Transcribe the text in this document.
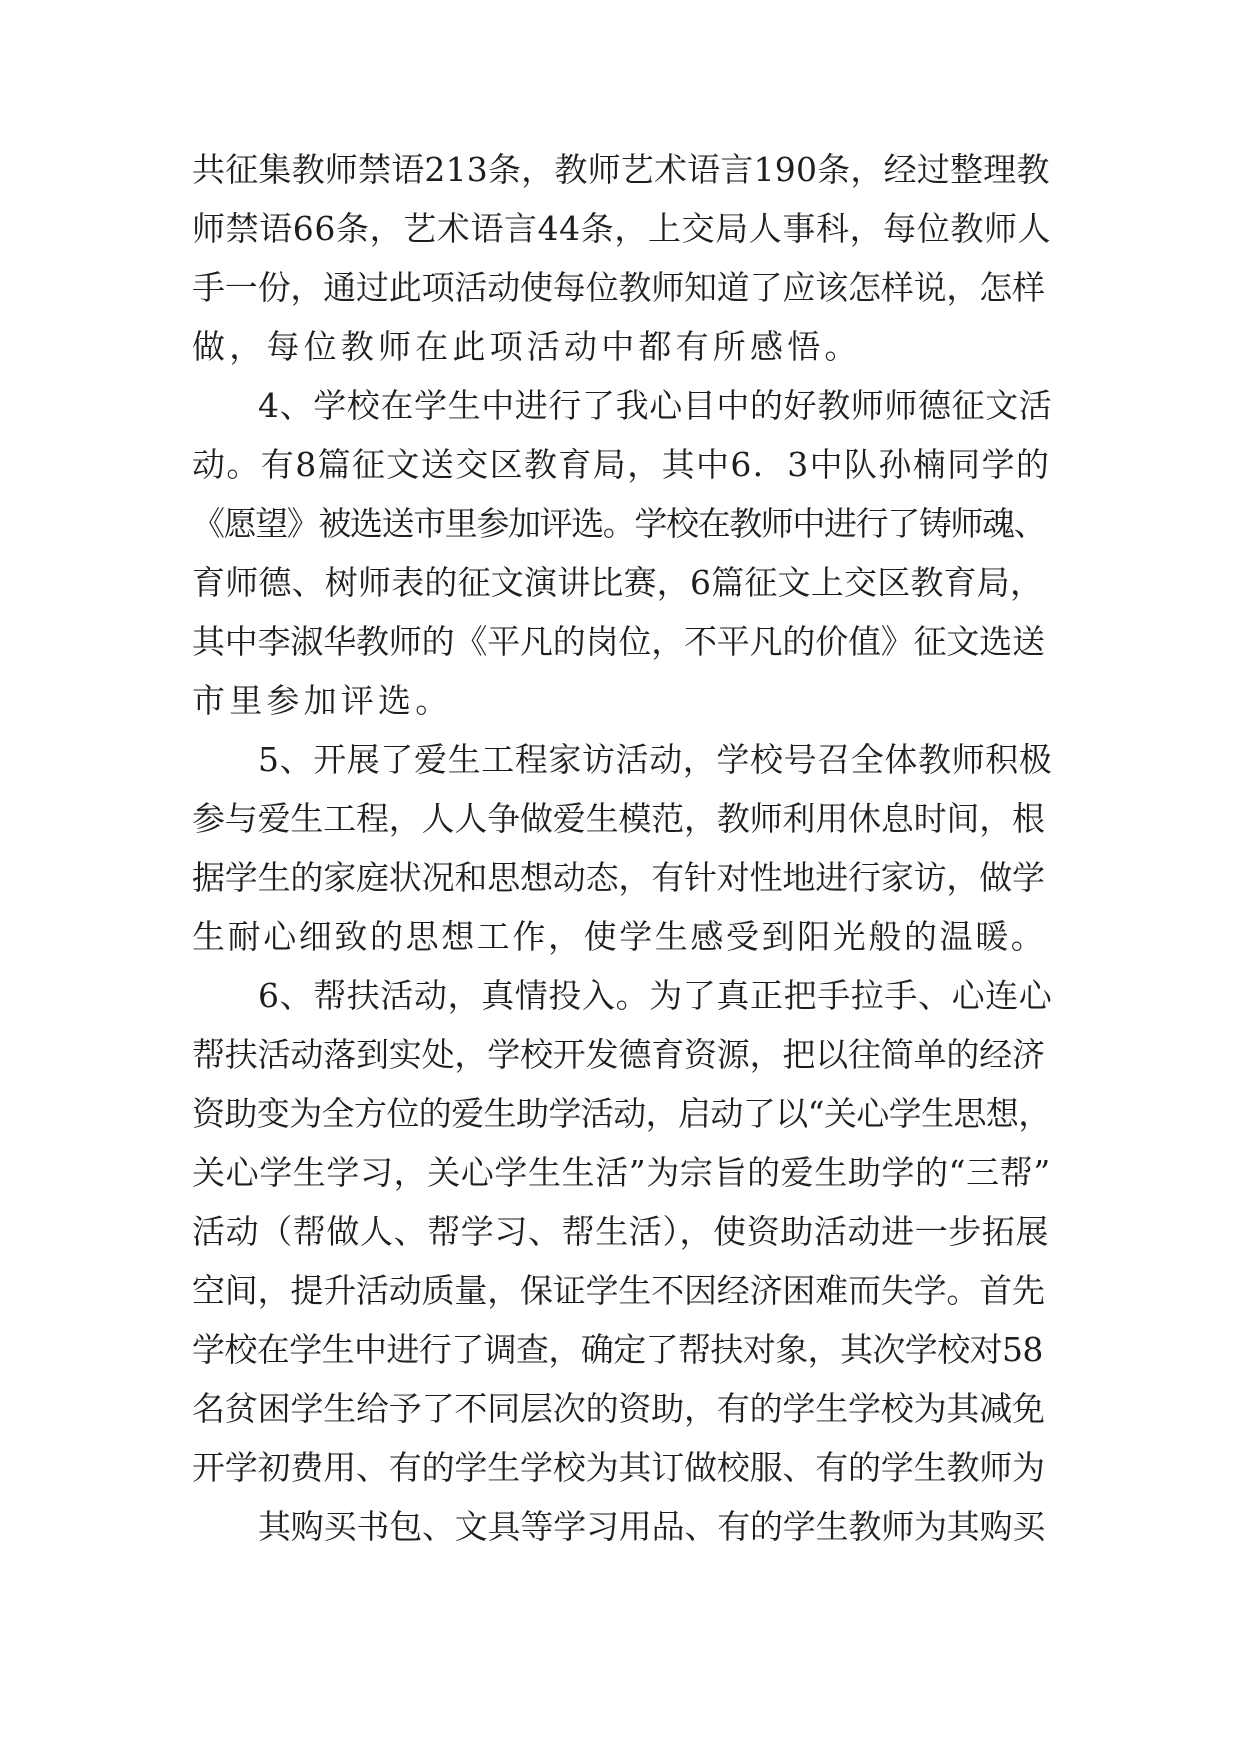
共征集教师禁语213条，教师艺术语言190条，经过整理教
师禁语66条，艺术语言44条，上交局人事科，每位教师人
手一份，通过此项活动使每位教师知道了应该怎样说，怎样
做，每位教师在此项活动中都有所感悟。
4、学校在学生中进行了我心目中的好教师师德征文活
动。有8篇征文送交区教育局，其中6．3中队孙楠同学的
《愿望》被选送市里参加评选。学校在教师中进行了铸师魂、
育师德、树师表的征文演讲比赛，6篇征文上交区教育局，
其中李淑华教师的《平凡的岗位，不平凡的价值》征文选送
市里参加评选。
5、开展了爱生工程家访活动，学校号召全体教师积极
参与爱生工程，人人争做爱生模范，教师利用休息时间，根
据学生的家庭状况和思想动态，有针对性地进行家访，做学
生耐心细致的思想工作，使学生感受到阳光般的温暖。
6、帮扶活动，真情投入。为了真正把手拉手、心连心
帮扶活动落到实处，学校开发德育资源，把以往简单的经济
资助变为全方位的爱生助学活动，启动了以“关心学生思想，
关心学生学习，关心学生生活”为宗旨的爱生助学的“三帮”
活动（帮做人、帮学习、帮生活），使资助活动进一步拓展
空间，提升活动质量，保证学生不因经济困难而失学。首先
学校在学生中进行了调查，确定了帮扶对象，其次学校对58
名贫困学生给予了不同层次的资助，有的学生学校为其减免
开学初费用、有的学生学校为其订做校服、有的学生教师为
其购买书包、文具等学习用品、有的学生教师为其购买
